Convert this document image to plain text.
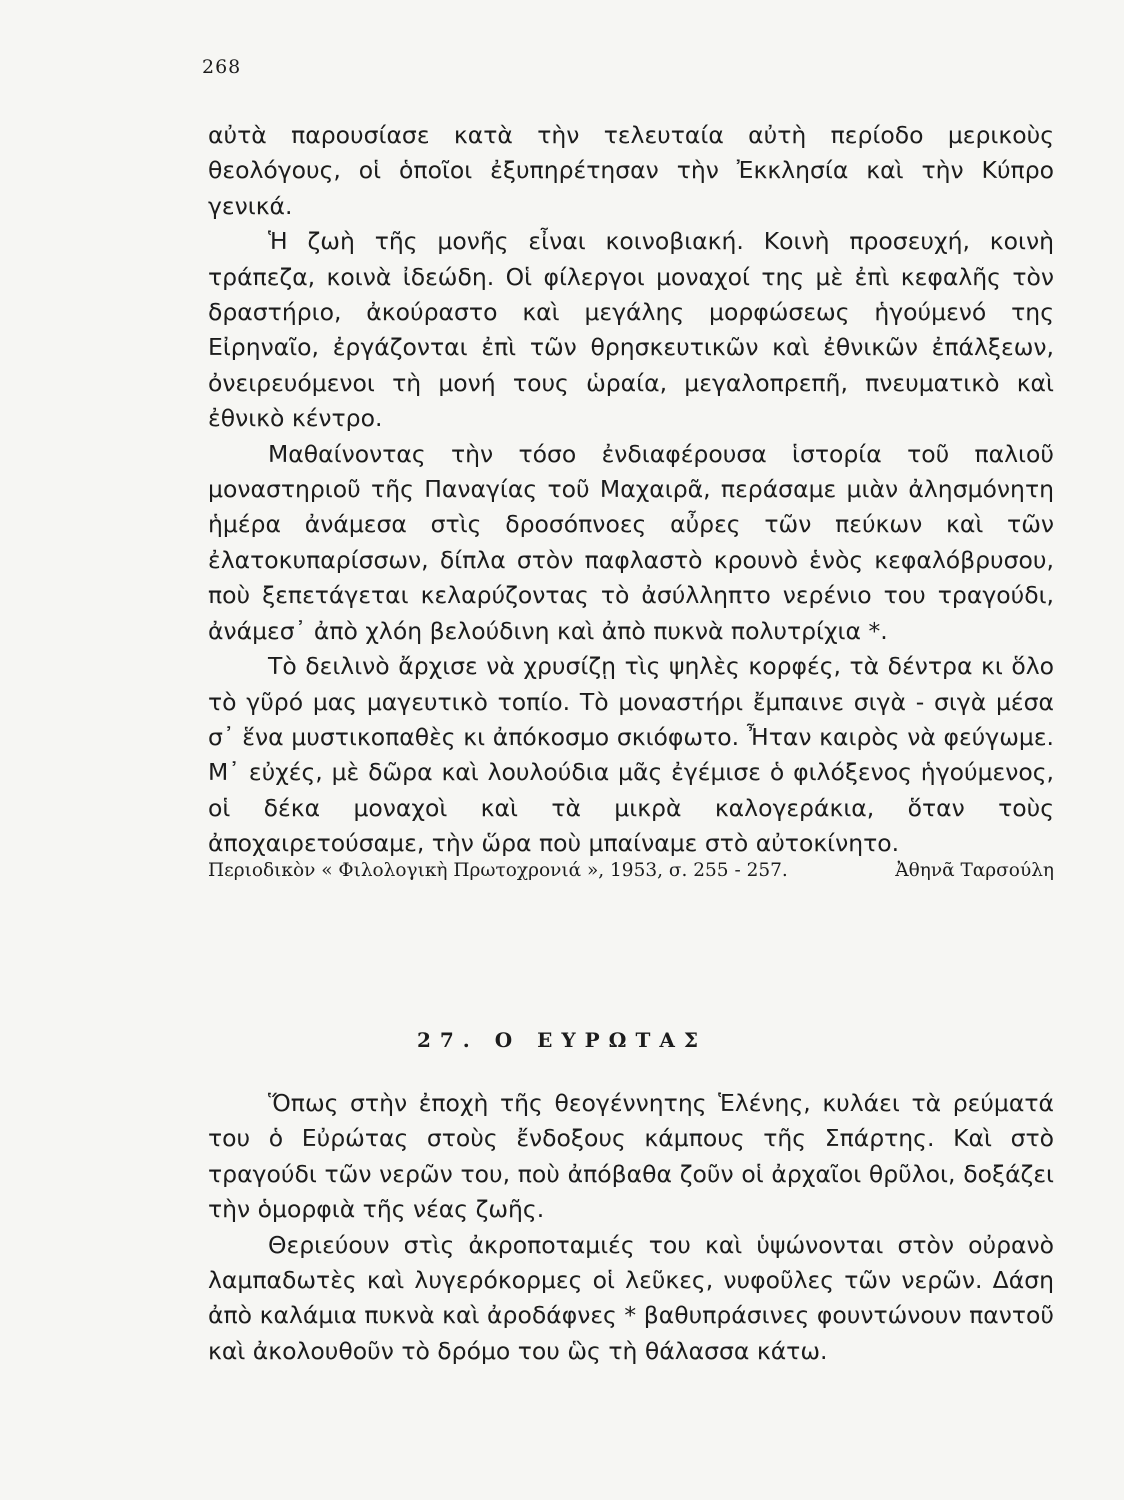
268

αὐτὰ παρουσίασε κατὰ τὴν τελευταία αὐτὴ περίοδο μερικοὺς θεολόγους, οἱ ὁποῖοι ἐξυπηρέτησαν τὴν Ἐκκλησία καὶ τὴν Κύπρο γενικά.

Ἡ ζωὴ τῆς μονῆς εἶναι κοινοβιακή. Κοινὴ προσευχή, κοινὴ τράπεζα, κοινὰ ἰδεώδη. Οἱ φίλεργοι μοναχοί της μὲ ἐπὶ κεφαλῆς τὸν δραστήριο, ἀκούραστο καὶ μεγάλης μορφώσεως ἡγούμενό της Εἰρηναῖο, ἐργάζονται ἐπὶ τῶν θρησκευτικῶν καὶ ἐθνικῶν ἐπάλξεων, ὀνειρευόμενοι τὴ μονή τους ὡραία, μεγαλοπρεπῆ, πνευματικὸ καὶ ἐθνικὸ κέντρο.

Μαθαίνοντας τὴν τόσο ἐνδιαφέρουσα ἱστορία τοῦ παλιοῦ μοναστηριοῦ τῆς Παναγίας τοῦ Μαχαιρᾶ, περάσαμε μιὰν ἀλησμόνητη ἡμέρα ἀνάμεσα στὶς δροσόπνοες αὖρες τῶν πεύκων καὶ τῶν ἐλατοκυπαρίσσων, δίπλα στὸν παφλαστὸ κρουνὸ ἑνὸς κεφαλόβρυσου, ποὺ ξεπετάγεται κελαρύζοντας τὸ ἀσύλληπτο νερένιο του τραγούδι, ἀνάμεσ᾽ ἀπὸ χλόη βελούδινη καὶ ἀπὸ πυκνὰ πολυτρίχια *.

Τὸ δειλινὸ ἄρχισε νὰ χρυσίζῃ τὶς ψηλὲς κορφές, τὰ δέντρα κι ὅλο τὸ γῦρό μας μαγευτικὸ τοπίο. Τὸ μοναστήρι ἔμπαινε σιγὰ - σιγὰ μέσα σ᾽ ἕνα μυστικοπαθὲς κι ἀπόκοσμο σκιόφωτο. Ἦταν καιρὸς νὰ φεύγωμε. Μ᾽ εὐχές, μὲ δῶρα καὶ λουλούδια μᾶς ἐγέμισε ὁ φιλόξενος ἡγούμενος, οἱ δέκα μοναχοὶ καὶ τὰ μικρὰ καλογεράκια, ὅταν τοὺς ἀποχαιρετούσαμε, τὴν ὥρα ποὺ μπαίναμε στὸ αὐτοκίνητο.

Περιοδικὸν « Φιλολογικὴ Πρωτοχρονιά », 1953, σ. 255 - 257.	Ἀθηνᾶ Ταρσούλη
27. Ο ΕΥΡΩΤΑΣ

Ὅπως στὴν ἐποχὴ τῆς θεογέννητης Ἑλένης, κυλάει τὰ ρεύματά του ὁ Εὐρώτας στοὺς ἔνδοξους κάμπους τῆς Σπάρτης. Καὶ στὸ τραγούδι τῶν νερῶν του, ποὺ ἀπόβαθα ζοῦν οἱ ἀρχαῖοι θρῦλοι, δοξάζει τὴν ὁμορφιὰ τῆς νέας ζωῆς.

Θεριεύουν στὶς ἀκροποταμιές του καὶ ὑψώνονται στὸν οὐρανὸ λαμπαδωτὲς καὶ λυγερόκορμες οἱ λεῦκες, νυφοῦλες τῶν νερῶν. Δάση ἀπὸ καλάμια πυκνὰ καὶ ἀροδάφνες * βαθυπράσινες φουντώνουν παντοῦ καὶ ἀκολουθοῦν τὸ δρόμο του ὣς τὴ θάλασσα κάτω.
